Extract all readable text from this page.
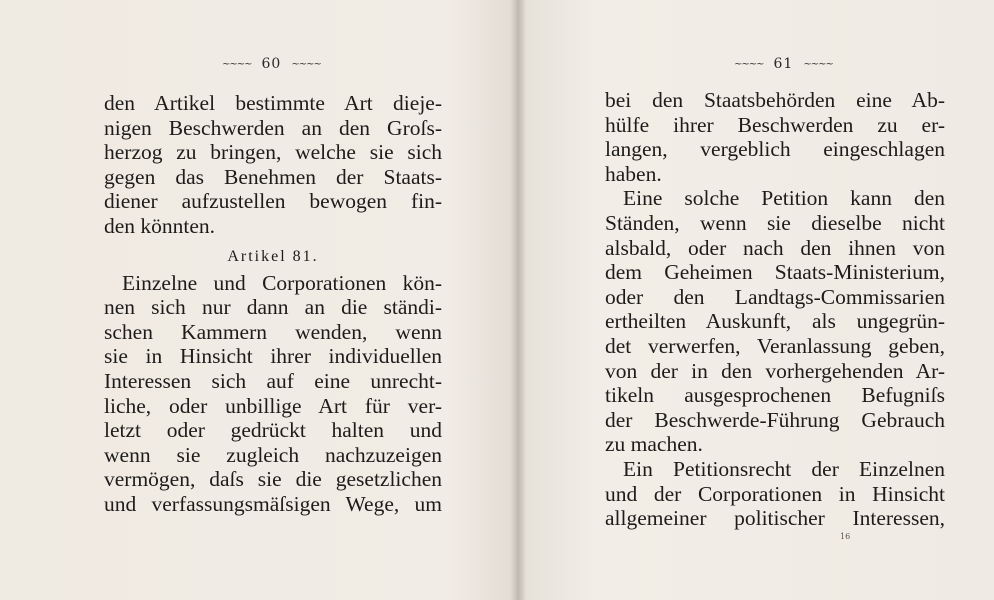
~~~~ 60 ~~~~
den Artikel bestimmte Art dieje-
nigen Beschwerden an den Groſs-
herzog zu bringen, welche sie sich
gegen das Benehmen der Staats-
diener aufzustellen bewogen fin-
den könnten.
Artikel 81.
Einzelne und Corporationen kön-
nen sich nur dann an die ständi-
schen Kammern wenden, wenn
sie in Hinsicht ihrer individuellen
Interessen sich auf eine unrecht-
liche, oder unbillige Art für ver-
letzt oder gedrückt halten und
wenn sie zugleich nachzuzeigen
vermögen, daſs sie die gesetzlichen
und verfassungsmäſsigen Wege, um
~~~~ 61 ~~~~
bei den Staatsbehörden eine Ab-
hülfe ihrer Beschwerden zu er-
langen, vergeblich eingeschlagen
haben.
Eine solche Petition kann den
Ständen, wenn sie dieselbe nicht
alsbald, oder nach den ihnen von
dem Geheimen Staats-Ministerium,
oder den Landtags-Commissarien
ertheilten Auskunft, als ungegrün-
det verwerfen, Veranlassung geben,
von der in den vorhergehenden Ar-
tikeln ausgesprochenen Befugniſs
der Beschwerde-Führung Gebrauch
zu machen.
Ein Petitionsrecht der Einzelnen
und der Corporationen in Hinsicht
allgemeiner politischer Interessen,
16
